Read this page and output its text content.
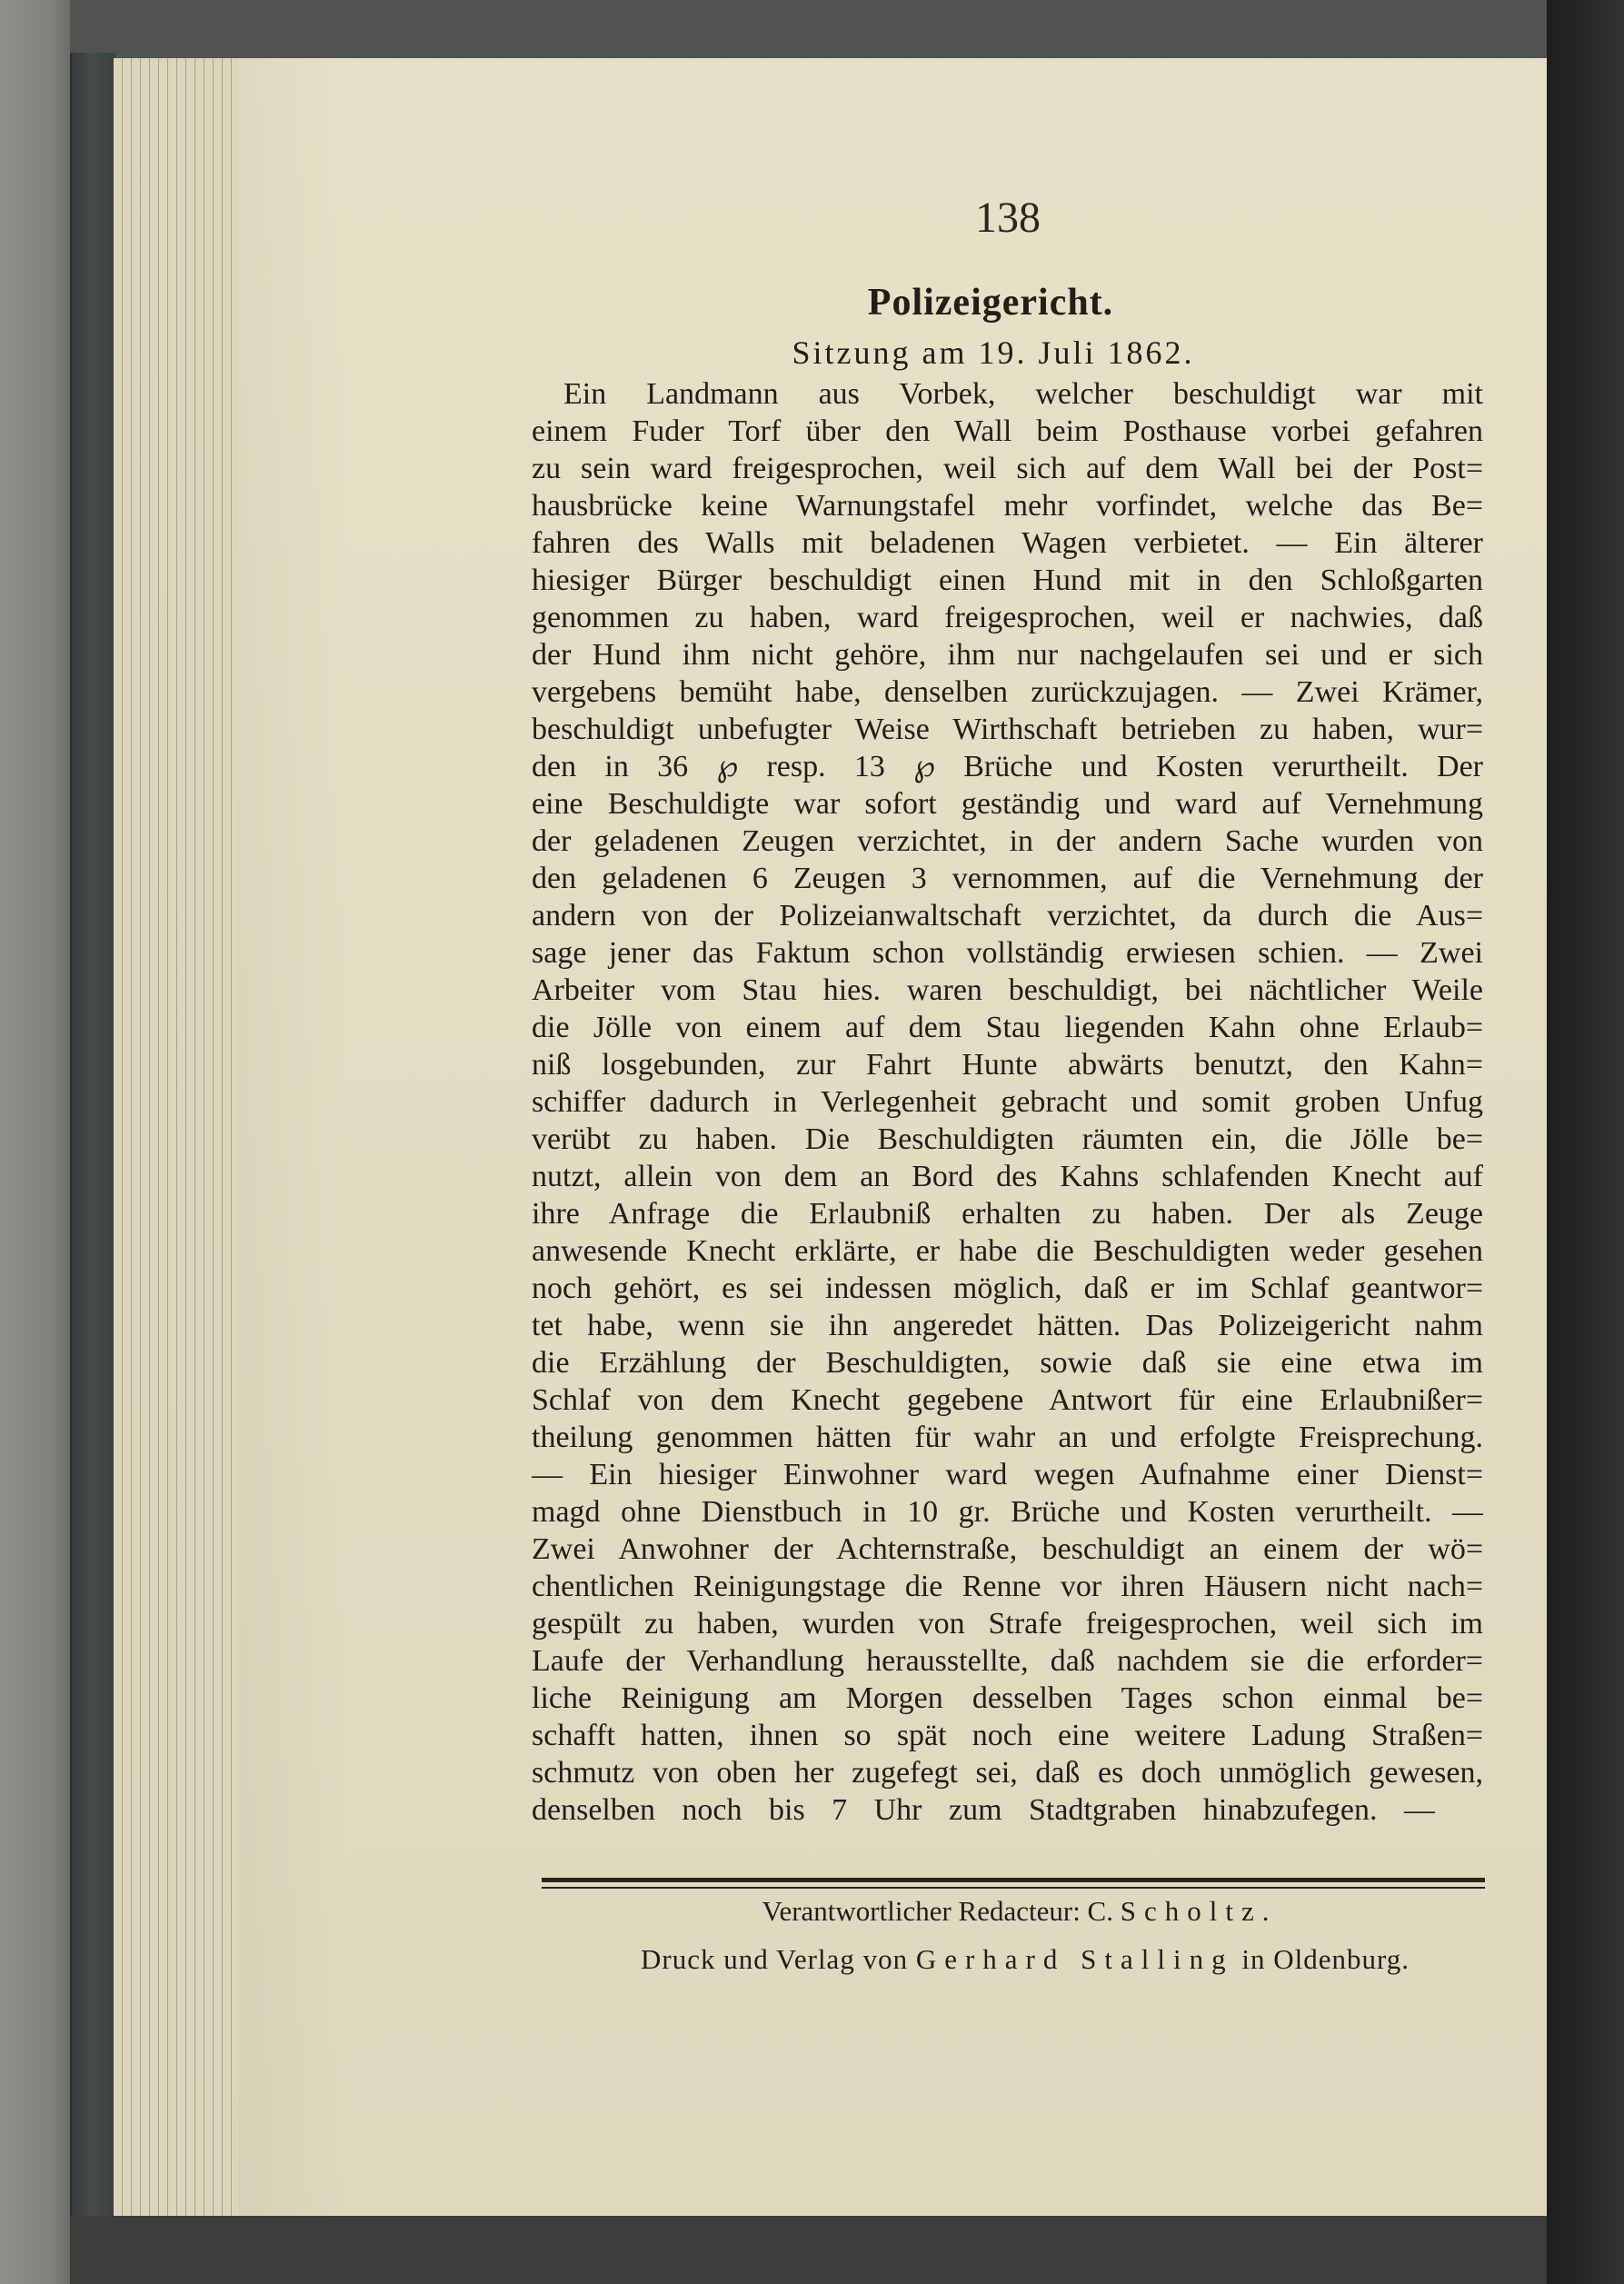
138
Polizeigericht.
Sitzung am 19. Juli 1862.
Ein Landmann aus Vorbek, welcher beschuldigt war mit
einem Fuder Torf über den Wall beim Posthause vorbei gefahren
zu sein ward freigesprochen, weil sich auf dem Wall bei der Post=
hausbrücke keine Warnungstafel mehr vorfindet, welche das Be=
fahren des Walls mit beladenen Wagen verbietet. — Ein älterer
hiesiger Bürger beschuldigt einen Hund mit in den Schloßgarten
genommen zu haben, ward freigesprochen, weil er nachwies, daß
der Hund ihm nicht gehöre, ihm nur nachgelaufen sei und er sich
vergebens bemüht habe, denselben zurückzujagen. — Zwei Krämer,
beschuldigt unbefugter Weise Wirthschaft betrieben zu haben, wur=
den in 36 ℘ resp. 13 ℘ Brüche und Kosten verurtheilt. Der
eine Beschuldigte war sofort geständig und ward auf Vernehmung
der geladenen Zeugen verzichtet, in der andern Sache wurden von
den geladenen 6 Zeugen 3 vernommen, auf die Vernehmung der
andern von der Polizeianwaltschaft verzichtet, da durch die Aus=
sage jener das Faktum schon vollständig erwiesen schien. — Zwei
Arbeiter vom Stau hies. waren beschuldigt, bei nächtlicher Weile
die Jölle von einem auf dem Stau liegenden Kahn ohne Erlaub=
niß losgebunden, zur Fahrt Hunte abwärts benutzt, den Kahn=
schiffer dadurch in Verlegenheit gebracht und somit groben Unfug
verübt zu haben. Die Beschuldigten räumten ein, die Jölle be=
nutzt, allein von dem an Bord des Kahns schlafenden Knecht auf
ihre Anfrage die Erlaubniß erhalten zu haben. Der als Zeuge
anwesende Knecht erklärte, er habe die Beschuldigten weder gesehen
noch gehört, es sei indessen möglich, daß er im Schlaf geantwor=
tet habe, wenn sie ihn angeredet hätten. Das Polizeigericht nahm
die Erzählung der Beschuldigten, sowie daß sie eine etwa im
Schlaf von dem Knecht gegebene Antwort für eine Erlaubnißer=
theilung genommen hätten für wahr an und erfolgte Freisprechung.
— Ein hiesiger Einwohner ward wegen Aufnahme einer Dienst=
magd ohne Dienstbuch in 10 gr. Brüche und Kosten verurtheilt. —
Zwei Anwohner der Achternstraße, beschuldigt an einem der wö=
chentlichen Reinigungstage die Renne vor ihren Häusern nicht nach=
gespült zu haben, wurden von Strafe freigesprochen, weil sich im
Laufe der Verhandlung herausstellte, daß nachdem sie die erforder=
liche Reinigung am Morgen desselben Tages schon einmal be=
schafft hatten, ihnen so spät noch eine weitere Ladung Straßen=
schmutz von oben her zugefegt sei, daß es doch unmöglich gewesen,
denselben noch bis 7 Uhr zum Stadtgraben hinabzufegen. —
Verantwortlicher Redacteur: C. Scholtz.
Druck und Verlag von Gerhard Stalling in Oldenburg.
